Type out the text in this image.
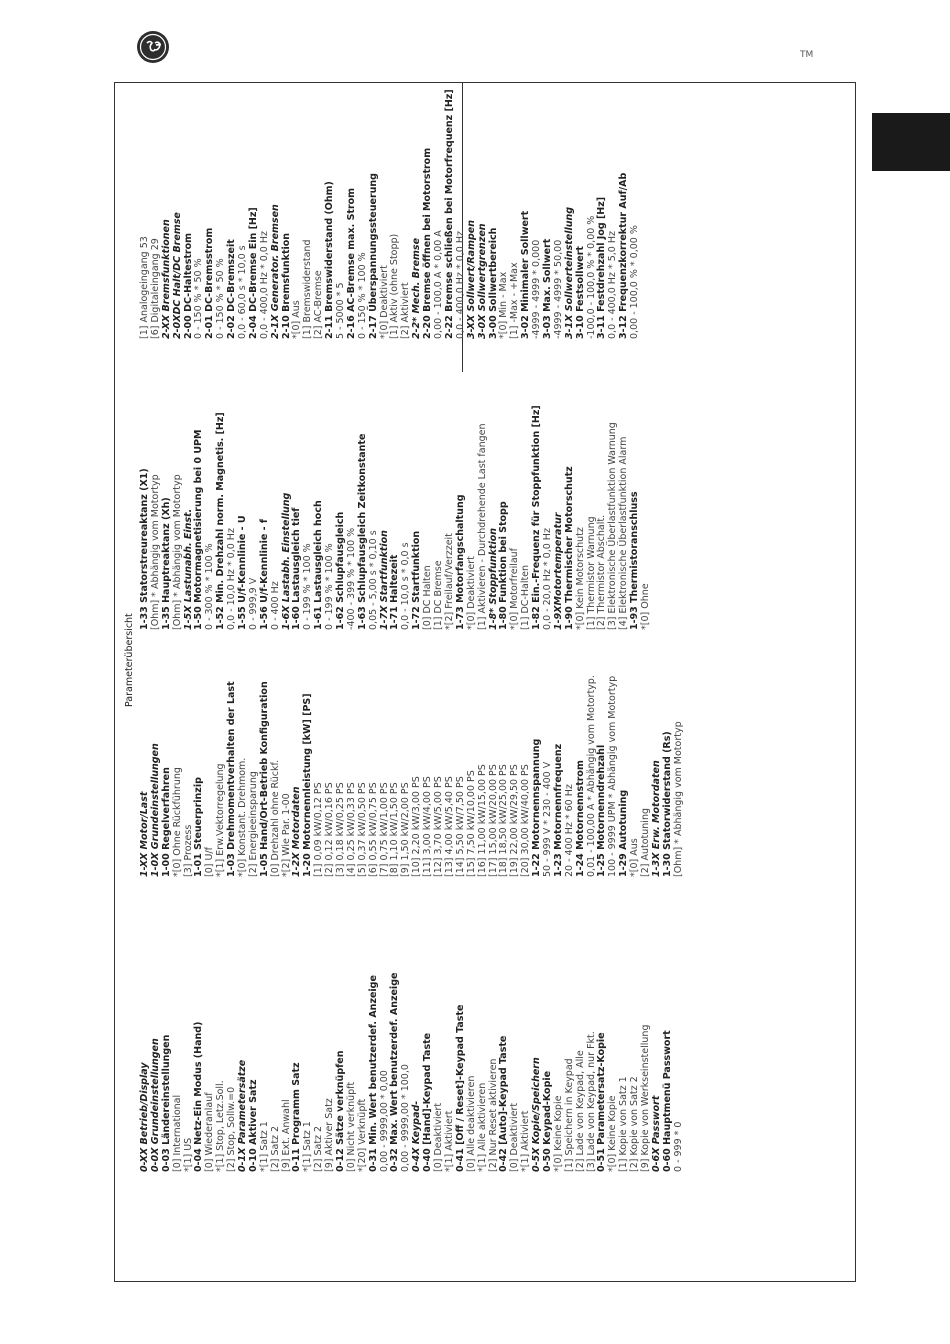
TM
Parameterübersicht
0-XX Betrieb/Display 0-0X Grundeinstellungen 0-03 Ländereinstellungen [0] International *[1] US 0-04 Netz-Ein Modus (Hand) [0] Wiederanlauf *[1] Stop, Letz.Soll. [2] Stop, Sollw.=0 0-1X Parametersätze 0-10 Aktiver Satz *[1] Satz 1 [2] Satz 2 [9] Ext. Anwahl 0-11 Programm Satz *[1] Satz 1 [2] Satz 2 [9] Aktiver Satz 0-12 Sätze verknüpfen [0] Nicht verknüpft *[20] Verknüpft 0-31 Min. Wert benutzerdef. Anzeige 0,00 - 9999,00 * 0,00 0-32 Max. Wert benutzerdef. Anzeige 0,00 - 9999,00 * 100,0 0-4X Keypad- 0-40 [Hand]-Keypad Taste [0] Deaktiviert *[1] Aktiviert 0-41 [Off / Reset]-Keypad Taste [0] Alle deaktivieren *[1] Alle aktivieren [2] Nur Reset aktivieren 0-42 [Auto]-Keypad Taste [0] Deaktiviert *[1] Aktiviert 0-5X Kopie/Speichern 0-50 Keypad-Kopie *[0] Keine Kopie [1] Speichern in Keypad [2] Lade von Keypad, Alle [3] Lade von Keypad, nur Fkt. 0-51 Parametersatz-Kopie *[0] Keine Kopie [1] Kopie von Satz 1 [2] Kopie von Satz 2 [9] Kopie von Werkseinstellung 0-6X Passwort 0-60 Hauptmenü Passwort 0 - 999 * 0
1-XX Motor/Last 1-0X Grundeinstellungen 1-00 Regelverfahren *[0] Ohne Rückführung [3] Prozess 1-01 Steuerprinzip [0] U/f *[1] Erw.Vektorregelung 1-03 Drehmomentverhalten der Last *[0] Konstant. Drehmom. [2] Energieeinsparung 1-05 Hand/Ort-Betrieb Konfiguration [0] Drehzahl ohne Rückf. *[2] Wie Par. 1-00 1-2X Motordaten 1-20 Motornennleistung [kW] [PS] [1] 0,09 kW/0,12 PS [2] 0,12 kW/0,16 PS [3] 0,18 kW/0,25 PS [4] 0,25 kW/0,33 PS [5] 0,37 kW/0,50 PS [6] 0,55 kW/0,75 PS [7] 0,75 kW/1,00 PS [8] 1,10 kW/1,50 PS [9] 1,50 kW/2,00 PS [10] 2,20 kW/3,00 PS [11] 3,00 kW/4,00 PS [12] 3,70 kW/5,00 PS [13] 4,00 kW/5,40 PS [14] 5,50 kW/7,50 PS [15] 7,50 kW/10,00 PS [16] 11,00 kW/15,00 PS [17] 15,00 kW/20,00 PS [18] 18,50 kW/25,00 PS [19] 22,00 kW/29,50 PS [20] 30,00 kW/40,00 PS 1-22 Motornennspannung 50 - 999 V * 230 - 400 V 1-23 Motornennfrequenz 20 - 400 Hz * 60 Hz 1-24 Motornennstrom 0,01 - 100,00 A * Abhängig vom Motortyp. 1-25 Motornenndrehzahl 100 - 9999 UPM * Abhängig vom Motortyp 1-29 Autotuning *[0] Aus [2] Autotuning 1-3X Erw. Motordaten 1-30 Statorwiderstand (Rs) [Ohm] * Abhängig vom Motortyp
1-33 Statorstreureaktanz (X1) [Ohm] * Abhängig vom Motortyp 1-35 Hauptreaktanz (Xh) [Ohm] * Abhängig vom Motortyp 1-5X Lastunabh. Einst. 1-50 Motormagnetisierung bei 0 UPM 0 - 300 % * 100 % 1-52 Min. Drehzahl norm. Magnetis. [Hz] 0,0 - 10,0 Hz * 0,0 Hz 1-55 U/f-Kennlinie - U 0 - 999,9 V 1-56 U/f-Kennlinie - f 0 - 400 Hz 1-6X Lastabh. Einstellung 1-60 Lastausgleich tief 0 - 199 % * 100 % 1-61 Lastausgleich hoch 0 - 199 % * 100 % 1-62 Schlupfausgleich -400 - 399 % * 100 % 1-63 Schlupfausgleich Zeitkonstante 0,05 - 5,00 s * 0,10 s 1-7X Startfunktion 1-71 Haltezeit 0,0 - 10,0 s * 0,0 s 1-72 Startfunktion [0] DC Halten [1] DC Bremse *[2] Freilauf/Verzzeit 1-73 Motorfangschaltung *[0] Deaktiviert [1] Aktivieren - Durchdrehende Last fangen 1-8* Stoppfunktion 1-80 Funktion bei Stopp *[0] Motorfreilauf [1] DC-Halten 1-82 Ein.-Frequenz für Stoppfunktion [Hz] 0,0 - 20,0 Hz * 0,0 Hz 1-9XMotortemperatur 1-90 Thermischer Motorschutz *[0] Kein Motorschutz [1] Thermistor Warnung [2] Thermistor Abschalt. [3] Elektronische Überlastfunktion Warnung [4] Elektronische Überlastfunktion Alarm 1-93 Thermistoranschluss *[0] Ohne
[1] Analogeingang 53 [6] Digitaleingang 29 2-XX Bremsfunktionen 2-0XDC Halt/DC Bremse 2-00 DC-Haltestrom 0 - 150 % * 50 % 2-01 DC-Bremsstrom 0 - 150 % * 50 % 2-02 DC-Bremszeit 0,0 - 60,0 s * 10,0 s 2-04 DC-Bremse Ein [Hz] 0,0 - 400,0 Hz * 0,0 Hz 2-1X Generator. Bremsen 2-10 Bremsfunktion *[0] Aus [1] Bremswiderstand [2] AC-Bremse 2-11 Bremswiderstand (Ohm) 5 - 5000 * 5 2-16 AC-Bremse max. Strom 0 - 150 % * 100 % 2-17 Überspannungssteuerung *[0] Deaktiviert [1] Aktiv (ohne Stopp) [2] Aktiviert 2-2* Mech. Bremse 2-20 Bremse öffnen bei Motorstrom 0,00 - 100,0 A * 0,00 A 2-22 Bremse schließen bei Motorfrequenz [Hz] 0,0 - 400,0 Hz * 0,0 Hz 3-XX Sollwert/Rampen 3-0X Sollwertgrenzen 3-00 Sollwertbereich *[0] Min - Max [1] -Max - +Max 3-02 Minimaler Sollwert -4999 - 4999 * 0,000 3-03 Max. Sollwert -4999 - 4999 * 50,00 3-1X Sollwerteinstellung 3-10 Festsollwert -100,0 - 100,0 % * 0,00 % 3-11 Festdrehzahl Jog [Hz] 0,0 - 400,0 Hz * 5,0 Hz 3-12 Frequenzkorrektur Auf/Ab 0,00 - 100,0 % * 0,00 %
